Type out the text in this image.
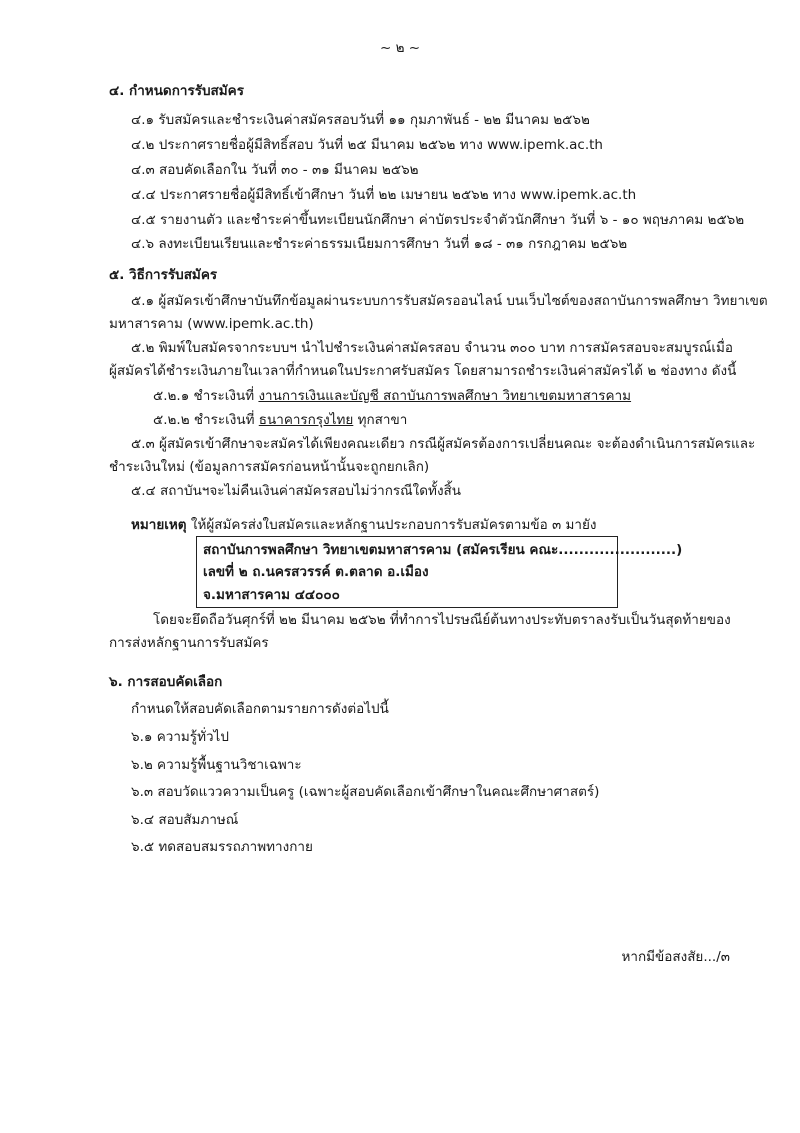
~ ๒ ~
๔. กำหนดการรับสมัคร
๔.๑ รับสมัครและชำระเงินค่าสมัครสอบวันที่ ๑๑ กุมภาพันธ์ - ๒๒ มีนาคม ๒๕๖๒
๔.๒ ประกาศรายชื่อผู้มีสิทธิ์สอบ วันที่ ๒๕ มีนาคม ๒๕๖๒ ทาง www.ipemk.ac.th
๔.๓ สอบคัดเลือกใน วันที่ ๓๐ - ๓๑ มีนาคม ๒๕๖๒
๔.๔ ประกาศรายชื่อผู้มีสิทธิ์เข้าศึกษา วันที่ ๒๒ เมษายน ๒๕๖๒ ทาง www.ipemk.ac.th
๔.๕ รายงานตัว และชำระค่าขึ้นทะเบียนนักศึกษา ค่าบัตรประจำตัวนักศึกษา วันที่ ๖ - ๑๐ พฤษภาคม ๒๕๖๒
๔.๖ ลงทะเบียนเรียนและชำระค่าธรรมเนียมการศึกษา วันที่ ๑๘ - ๓๑ กรกฎาคม ๒๕๖๒
๕. วิธีการรับสมัคร
๕.๑ ผู้สมัครเข้าศึกษาบันทึกข้อมูลผ่านระบบการรับสมัครออนไลน์ บนเว็บไซต์ของสถาบันการพลศึกษา วิทยาเขต
มหาสารคาม (www.ipemk.ac.th)
๕.๒ พิมพ์ใบสมัครจากระบบฯ นำไปชำระเงินค่าสมัครสอบ จำนวน ๓๐๐ บาท การสมัครสอบจะสมบูรณ์เมื่อ
ผู้สมัครได้ชำระเงินภายในเวลาที่กำหนดในประกาศรับสมัคร โดยสามารถชำระเงินค่าสมัครได้ ๒ ช่องทาง ดังนี้
๕.๒.๑ ชำระเงินที่ งานการเงินและบัญชี สถาบันการพลศึกษา วิทยาเขตมหาสารคาม
๕.๒.๒ ชำระเงินที่ ธนาคารกรุงไทย ทุกสาขา
๕.๓ ผู้สมัครเข้าศึกษาจะสมัครได้เพียงคณะเดียว กรณีผู้สมัครต้องการเปลี่ยนคณะ จะต้องดำเนินการสมัครและ
ชำระเงินใหม่ (ข้อมูลการสมัครก่อนหน้านั้นจะถูกยกเลิก)
๕.๔ สถาบันฯจะไม่คืนเงินค่าสมัครสอบไม่ว่ากรณีใดทั้งสิ้น
หมายเหตุ ให้ผู้สมัครส่งใบสมัครและหลักฐานประกอบการรับสมัครตามข้อ ๓ มายัง
สถาบันการพลศึกษา วิทยาเขตมหาสารคาม (สมัครเรียน คณะ.......................)
เลขที่ ๒ ถ.นครสวรรค์ ต.ตลาด อ.เมือง
จ.มหาสารคาม ๔๔๐๐๐
โดยจะยึดถือวันศุกร์ที่ ๒๒ มีนาคม ๒๕๖๒ ที่ทำการไปรษณีย์ต้นทางประทับตราลงรับเป็นวันสุดท้ายของ
การส่งหลักฐานการรับสมัคร
๖. การสอบคัดเลือก
กำหนดให้สอบคัดเลือกตามรายการดังต่อไปนี้
๖.๑ ความรู้ทั่วไป
๖.๒ ความรู้พื้นฐานวิชาเฉพาะ
๖.๓ สอบวัดแววความเป็นครู (เฉพาะผู้สอบคัดเลือกเข้าศึกษาในคณะศึกษาศาสตร์)
๖.๔ สอบสัมภาษณ์
๖.๕ ทดสอบสมรรถภาพทางกาย
หากมีข้อสงสัย.../๓
